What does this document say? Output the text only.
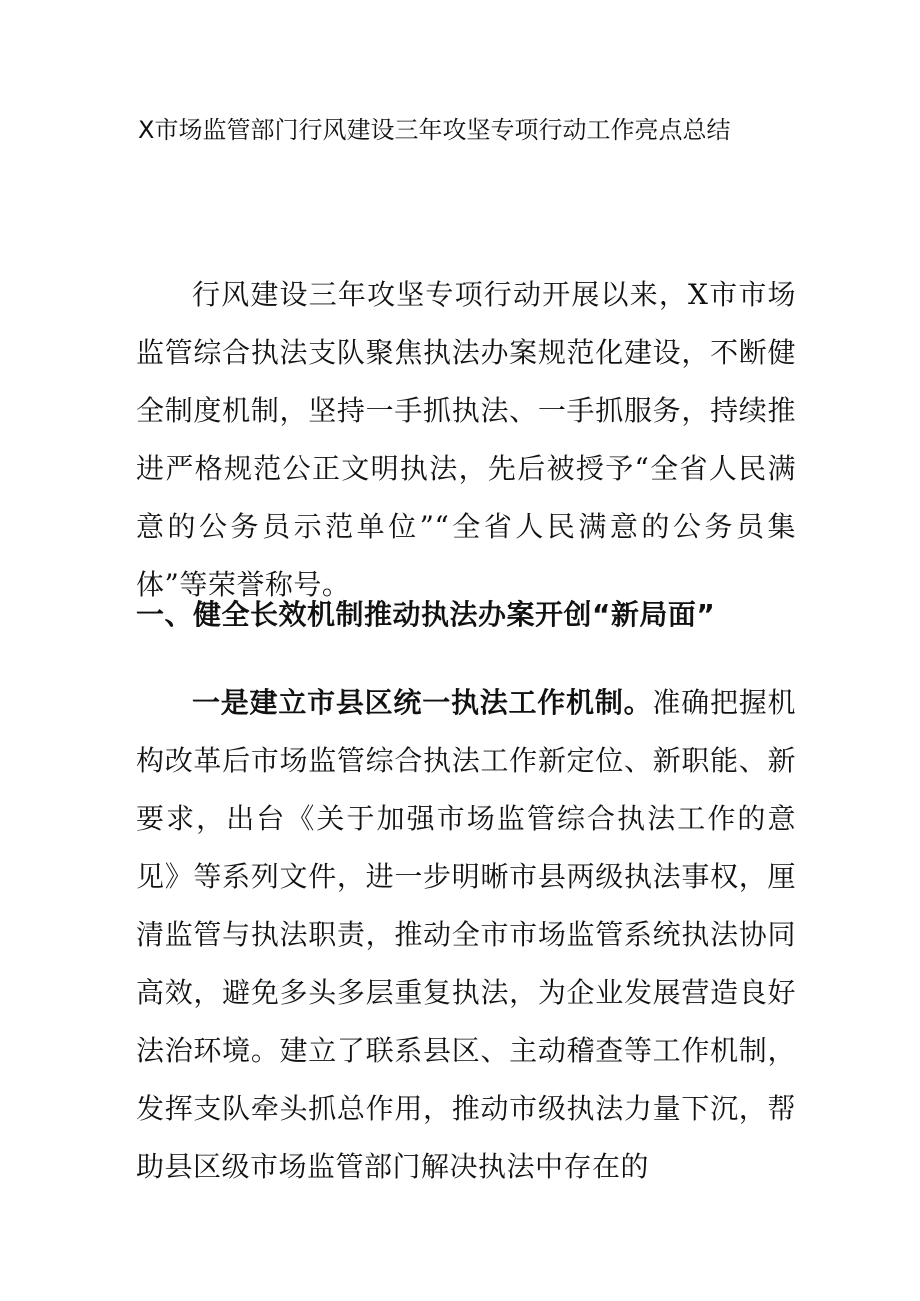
X市场监管部门行风建设三年攻坚专项行动工作亮点总结

行风建设三年攻坚专项行动开展以来，X市市场监管综合执法支队聚焦执法办案规范化建设，不断健全制度机制，坚持一手抓执法、一手抓服务，持续推进严格规范公正文明执法，先后被授予“全省人民满意的公务员示范单位”“全省人民满意的公务员集体”等荣誉称号。

一、健全长效机制推动执法办案开创“新局面”

一是建立市县区统一执法工作机制。准确把握机构改革后市场监管综合执法工作新定位、新职能、新要求，出台《关于加强市场监管综合执法工作的意见》等系列文件，进一步明晰市县两级执法事权，厘清监管与执法职责，推动全市市场监管系统执法协同高效，避免多头多层重复执法，为企业发展营造良好法治环境。建立了联系县区、主动稽查等工作机制，发挥支队牵头抓总作用，推动市级执法力量下沉，帮助县区级市场监管部门解决执法中存在的
